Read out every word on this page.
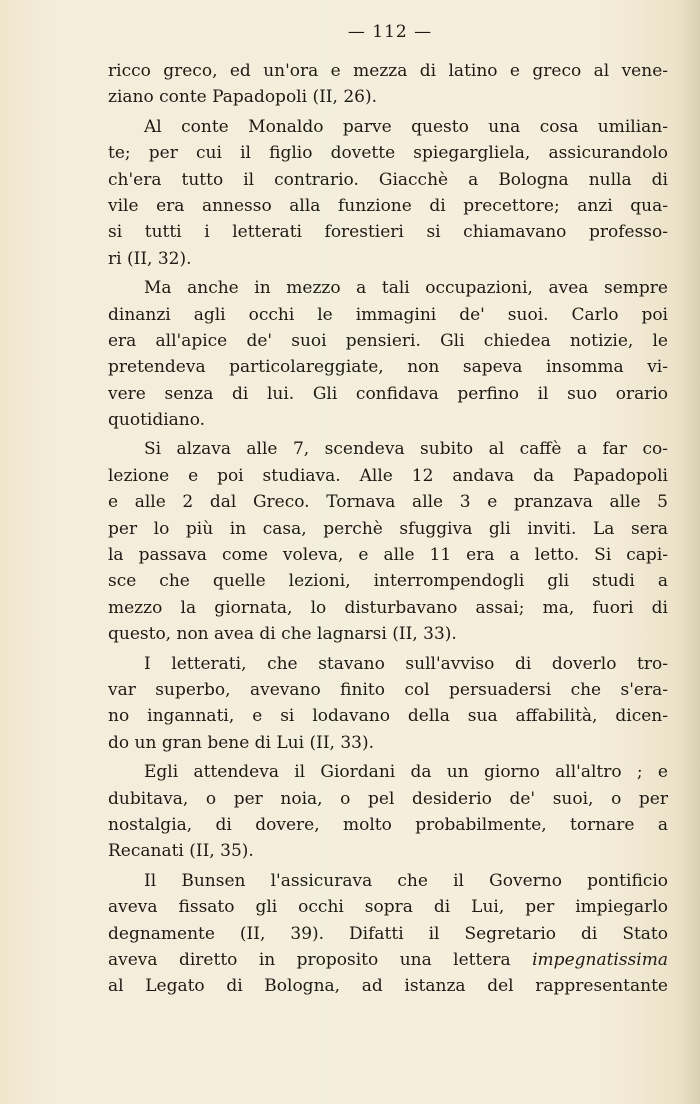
— 112 —
ricco greco, ed un'ora e mezza di latino e greco al vene-
ziano conte Papadopoli (II, 26).
Al conte Monaldo parve questo una cosa umilian-
te; per cui il figlio dovette spiegargliela, assicurandolo
ch'era tutto il contrario. Giacchè a Bologna nulla di
vile era annesso alla funzione di precettore; anzi qua-
si tutti i letterati forestieri si chiamavano professo-
ri (II, 32).
Ma anche in mezzo a tali occupazioni, avea sempre
dinanzi agli occhi le immagini de' suoi. Carlo poi
era all'apice de' suoi pensieri. Gli chiedea notizie, le
pretendeva particolareggiate, non sapeva insomma vi-
vere senza di lui. Gli confidava perfino il suo orario
quotidiano.
Si alzava alle 7, scendeva subito al caffè a far co-
lezione e poi studiava. Alle 12 andava da Papadopoli
e alle 2 dal Greco. Tornava alle 3 e pranzava alle 5
per lo più in casa, perchè sfuggiva gli inviti. La sera
la passava come voleva, e alle 11 era a letto. Si capi-
sce che quelle lezioni, interrompendogli gli studi a
mezzo la giornata, lo disturbavano assai; ma, fuori di
questo, non avea di che lagnarsi (II, 33).
I letterati, che stavano sull'avviso di doverlo tro-
var superbo, avevano finito col persuadersi che s'era-
no ingannati, e si lodavano della sua affabilità, dicen-
do un gran bene di Lui (II, 33).
Egli attendeva il Giordani da un giorno all'altro ; e
dubitava, o per noia, o pel desiderio de' suoi, o per
nostalgia, di dovere, molto probabilmente, tornare a
Recanati (II, 35).
Il Bunsen l'assicurava che il Governo pontificio
aveva fissato gli occhi sopra di Lui, per impiegarlo
degnamente (II, 39). Difatti il Segretario di Stato
aveva diretto in proposito una lettera impegnatissima
al Legato di Bologna, ad istanza del rappresentante
